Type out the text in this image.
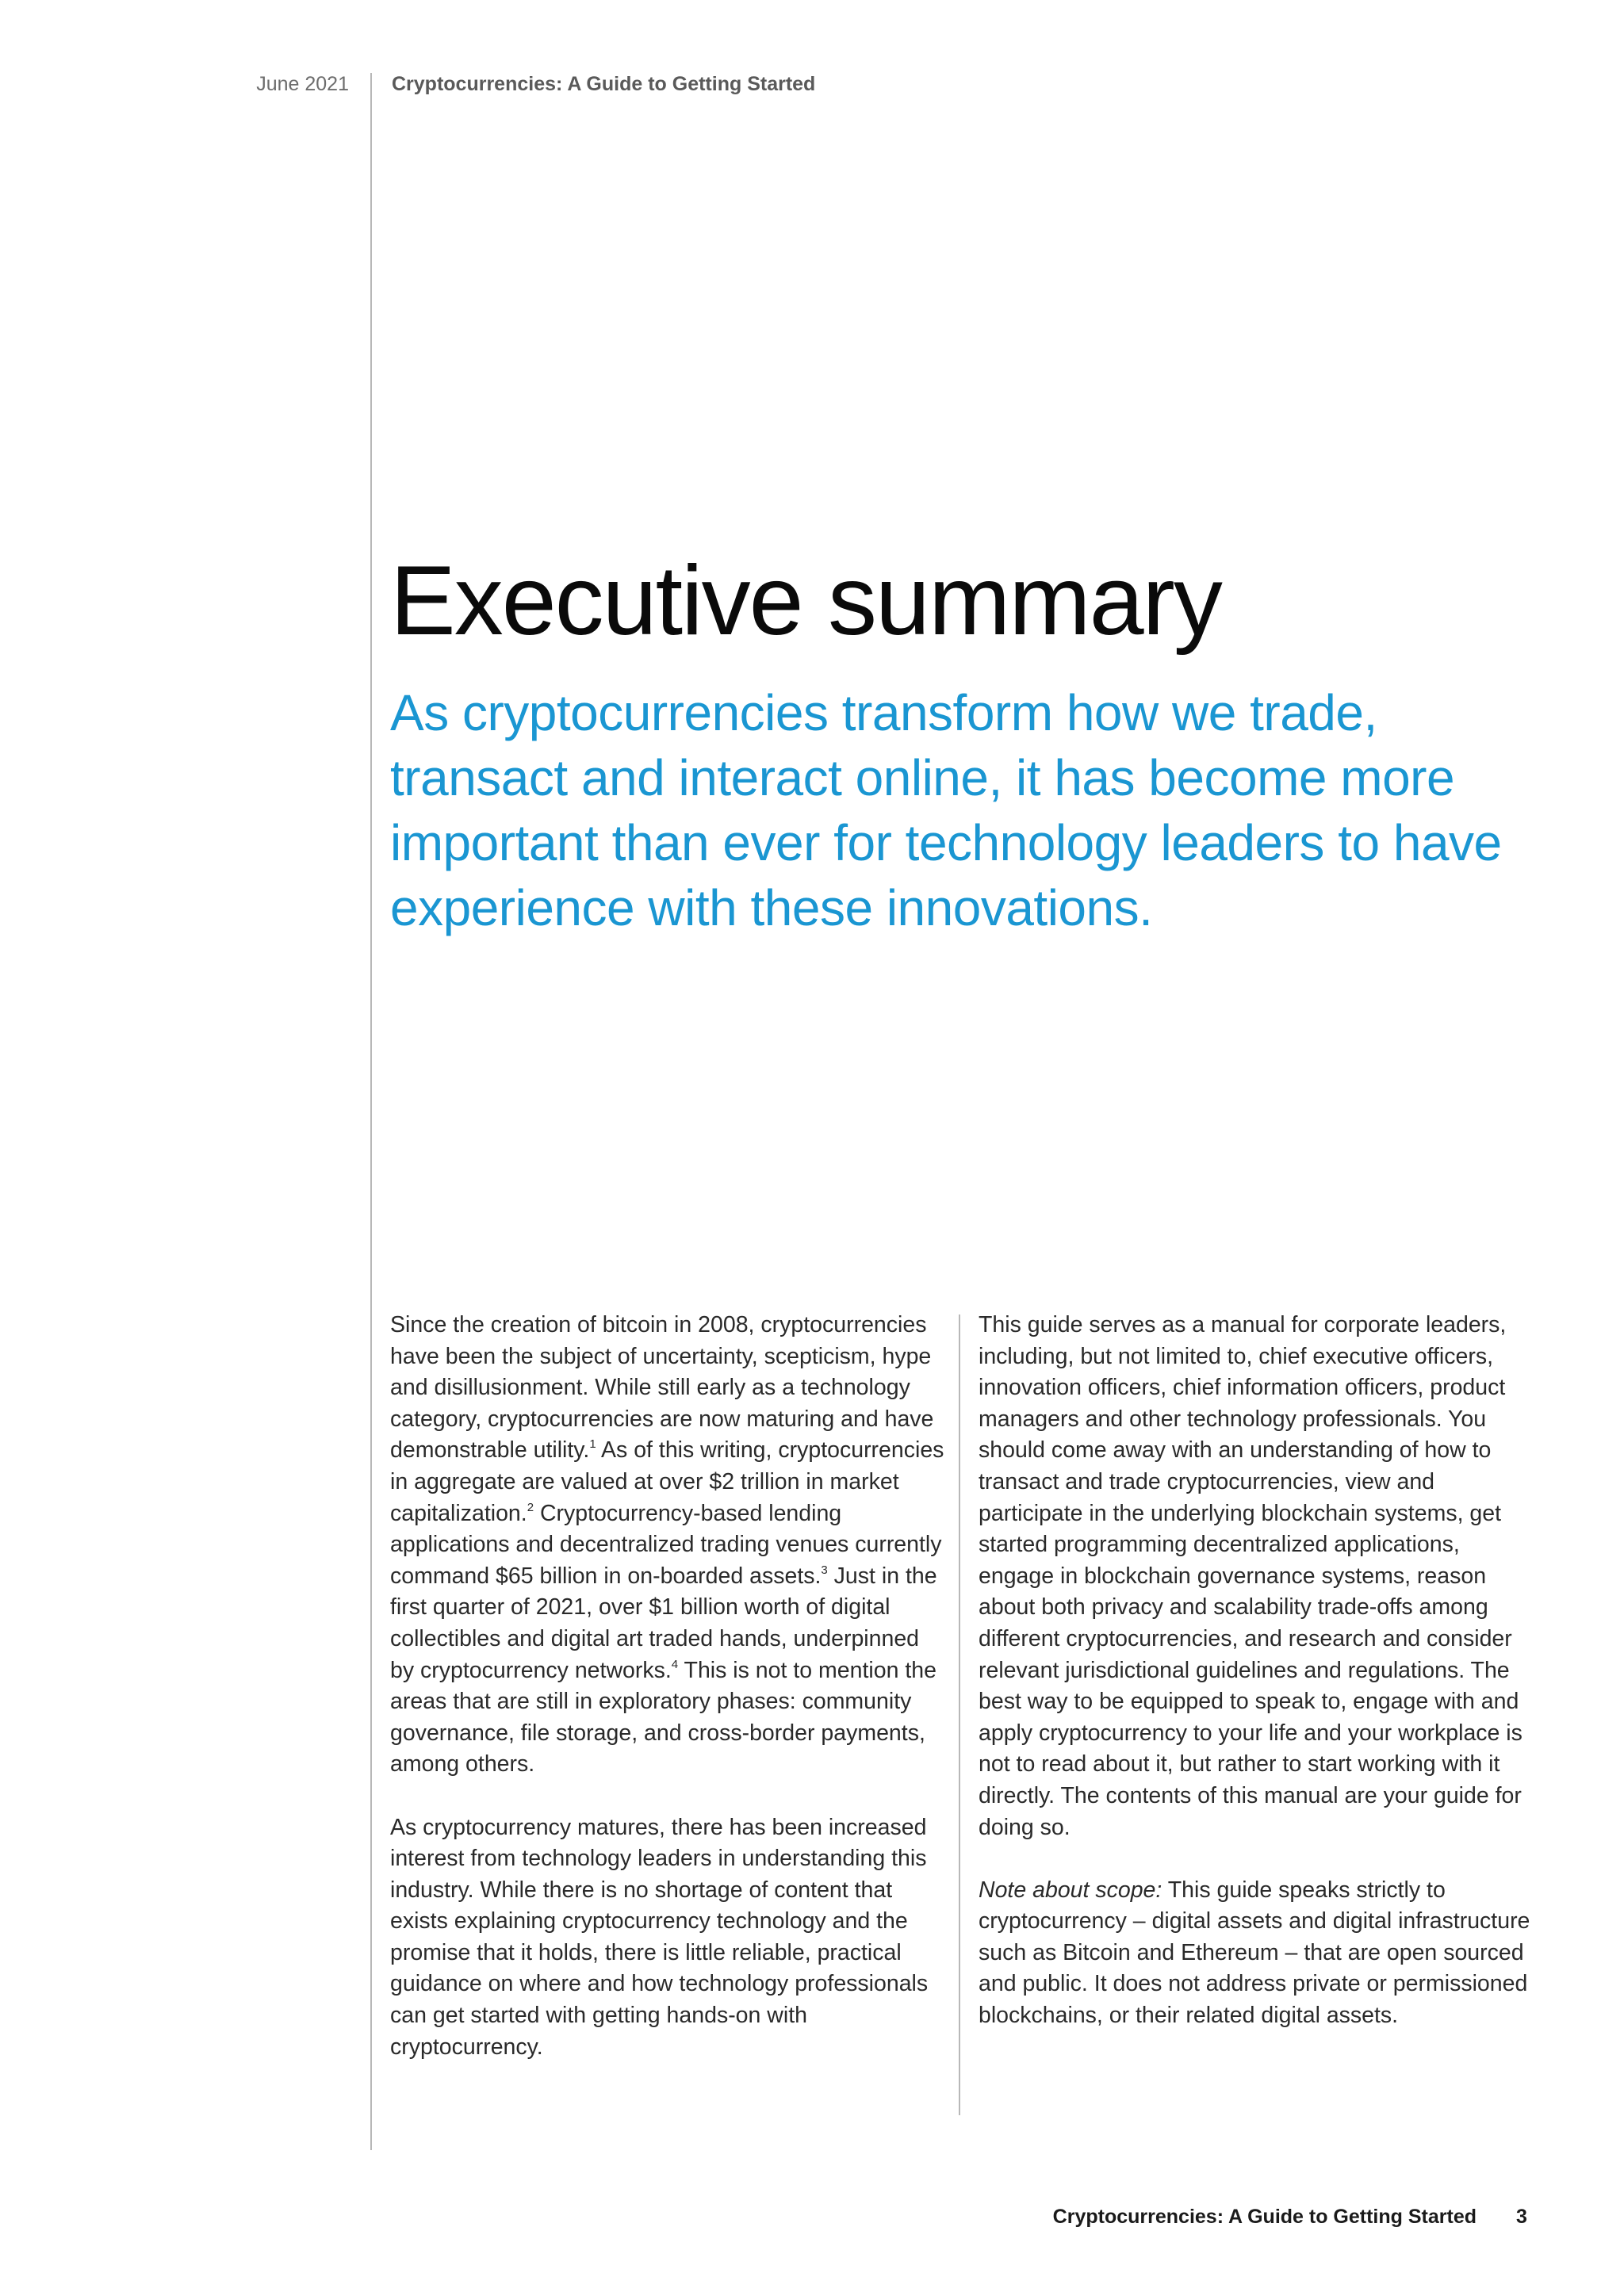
June 2021 Cryptocurrencies: A Guide to Getting Started
Executive summary

As cryptocurrencies transform how we trade, transact and interact online, it has become more important than ever for technology leaders to have experience with these innovations.

Since the creation of bitcoin in 2008, cryptocurrencies have been the subject of uncertainty, scepticism, hype and disillusionment. While still early as a technology category, cryptocurrencies are now maturing and have demonstrable utility.$^1$ As of this writing, cryptocurrencies in aggregate are valued at over $2 trillion in market capitalization.$^2$ Cryptocurrency-based lending applications and decentralized trading venues currently command $65 billion in on-boarded assets.$^3$ Just in the first quarter of 2021, over $1 billion worth of digital collectibles and digital art traded hands, underpinned by cryptocurrency networks.$^4$ This is not to mention the areas that are still in exploratory phases: community governance, file storage, and cross-border payments, among others.

As cryptocurrency matures, there has been increased interest from technology leaders in understanding this industry. While there is no shortage of content that exists explaining cryptocurrency technology and the promise that it holds, there is little reliable, practical guidance on where and how technology professionals can get started with getting hands-on with cryptocurrency.

This guide serves as a manual for corporate leaders, including, but not limited to, chief executive officers, innovation officers, chief information officers, product managers and other technology professionals. You should come away with an understanding of how to transact and trade cryptocurrencies, view and participate in the underlying blockchain systems, get started programming decentralized applications, engage in blockchain governance systems, reason about both privacy and scalability trade-offs among different cryptocurrencies, and research and consider relevant jurisdictional guidelines and regulations. The best way to be equipped to speak to, engage with and apply cryptocurrency to your life and your workplace is not to read about it, but rather to start working with it directly. The contents of this manual are your guide for doing so.

Note about scope: This guide speaks strictly to cryptocurrency – digital assets and digital infrastructure such as Bitcoin and Ethereum – that are open sourced and public. It does not address private or permissioned blockchains, or their related digital assets.

Cryptocurrencies: A Guide to Getting Started 3
